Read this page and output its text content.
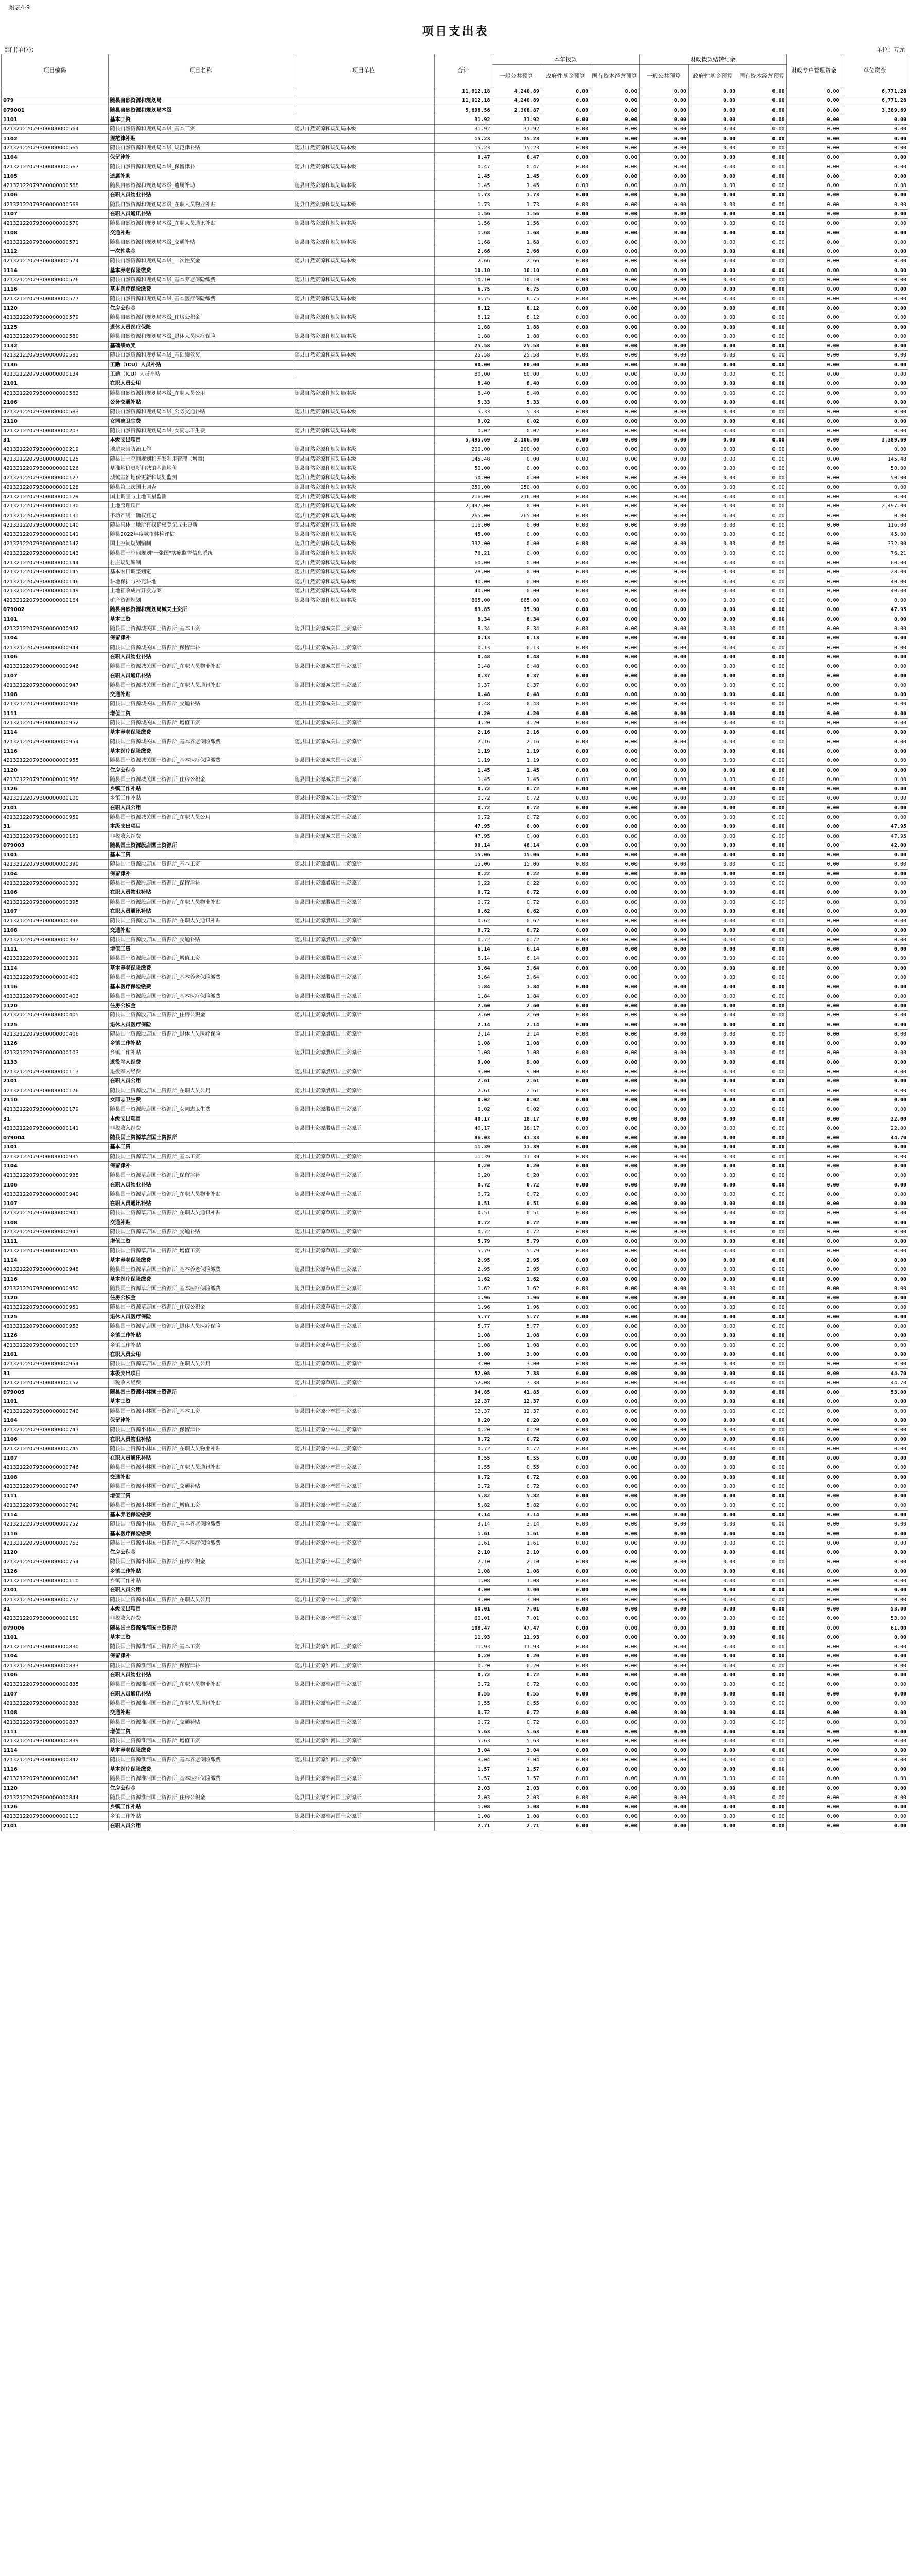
附表4-9
项目支出表
部门(单位)：	单位：万元
项目编码	项目名称	项目单位	合计	本年拨款			财政拨款结转结余			财政专户管理资金	单位资金
				一般公共预算	政府性基金预算	国有资本经营预算	一般公共预算	政府性基金预算	国有资本经营预算		
			11,012.18	4,240.89	0.00	0.00	0.00	0.00	0.00	0.00	6,771.28
079	随县自然资源和规划局		11,012.18	4,240.89	0.00	0.00	0.00	0.00	0.00	0.00	6,771.28
079001	随县自然资源和规划局本级		5,698.56	2,308.87	0.00	0.00	0.00	0.00	0.00	0.00	3,389.69
1101	基本工资		31.92	31.92	0.00	0.00	0.00	0.00	0.00	0.00	0.00
42132122079B00000000564	随县自然资源和规划局本级_基本工资	随县自然资源和规划局本级	31.92	31.92	0.00	0.00	0.00	0.00	0.00	0.00	0.00
1102	规范津补贴		15.23	15.23	0.00	0.00	0.00	0.00	0.00	0.00	0.00
42132122079B00000000565	随县自然资源和规划局本级_规范津补贴	随县自然资源和规划局本级	15.23	15.23	0.00	0.00	0.00	0.00	0.00	0.00	0.00
1104	保留津补		0.47	0.47	0.00	0.00	0.00	0.00	0.00	0.00	0.00
42132122079B00000000567	随县自然资源和规划局本级_保留津补	随县自然资源和规划局本级	0.47	0.47	0.00	0.00	0.00	0.00	0.00	0.00	0.00
1105	遗属补助		1.45	1.45	0.00	0.00	0.00	0.00	0.00	0.00	0.00
42132122079B00000000568	随县自然资源和规划局本级_遗属补助	随县自然资源和规划局本级	1.45	1.45	0.00	0.00	0.00	0.00	0.00	0.00	0.00
1106	在职人员物业补贴		1.73	1.73	0.00	0.00	0.00	0.00	0.00	0.00	0.00
42132122079B00000000569	随县自然资源和规划局本级_在职人员物业补贴	随县自然资源和规划局本级	1.73	1.73	0.00	0.00	0.00	0.00	0.00	0.00	0.00
1107	在职人员通讯补贴		1.56	1.56	0.00	0.00	0.00	0.00	0.00	0.00	0.00
42132122079B00000000570	随县自然资源和规划局本级_在职人员通讯补贴	随县自然资源和规划局本级	1.56	1.56	0.00	0.00	0.00	0.00	0.00	0.00	0.00
1108	交通补贴		1.68	1.68	0.00	0.00	0.00	0.00	0.00	0.00	0.00
42132122079B00000000571	随县自然资源和规划局本级_交通补贴	随县自然资源和规划局本级	1.68	1.68	0.00	0.00	0.00	0.00	0.00	0.00	0.00
1112	一次性奖金		2.66	2.66	0.00	0.00	0.00	0.00	0.00	0.00	0.00
42132122079B00000000574	随县自然资源和规划局本级_一次性奖金	随县自然资源和规划局本级	2.66	2.66	0.00	0.00	0.00	0.00	0.00	0.00	0.00
1114	基本养老保险缴费		10.10	10.10	0.00	0.00	0.00	0.00	0.00	0.00	0.00
42132122079B00000000576	随县自然资源和规划局本级_基本养老保险缴费	随县自然资源和规划局本级	10.10	10.10	0.00	0.00	0.00	0.00	0.00	0.00	0.00
1116	基本医疗保险缴费		6.75	6.75	0.00	0.00	0.00	0.00	0.00	0.00	0.00
42132122079B00000000577	随县自然资源和规划局本级_基本医疗保险缴费	随县自然资源和规划局本级	6.75	6.75	0.00	0.00	0.00	0.00	0.00	0.00	0.00
1120	住房公积金		8.12	8.12	0.00	0.00	0.00	0.00	0.00	0.00	0.00
42132122079B00000000579	随县自然资源和规划局本级_住房公积金	随县自然资源和规划局本级	8.12	8.12	0.00	0.00	0.00	0.00	0.00	0.00	0.00
1125	退休人员医疗保险		1.88	1.88	0.00	0.00	0.00	0.00	0.00	0.00	0.00
42132122079B00000000580	随县自然资源和规划局本级_退休人员医疗保险	随县自然资源和规划局本级	1.88	1.88	0.00	0.00	0.00	0.00	0.00	0.00	0.00
1132	基础绩效奖		25.58	25.58	0.00	0.00	0.00	0.00	0.00	0.00	0.00
42132122079B00000000581	随县自然资源和规划局本级_基础绩效奖	随县自然资源和规划局本级	25.58	25.58	0.00	0.00	0.00	0.00	0.00	0.00	0.00
1136	工勤（ICU）人员补贴		80.00	80.00	0.00	0.00	0.00	0.00	0.00	0.00	0.00
42132122079B00000000134	工勤（ICU）人员补贴		80.00	80.00	0.00	0.00	0.00	0.00	0.00	0.00	0.00
2101	在职人员公用		8.40	8.40	0.00	0.00	0.00	0.00	0.00	0.00	0.00
42132122079B00000000582	随县自然资源和规划局本级_在职人员公用	随县自然资源和规划局本级	8.40	8.40	0.00	0.00	0.00	0.00	0.00	0.00	0.00
2106	公务交通补贴		5.33	5.33	0.00	0.00	0.00	0.00	0.00	0.00	0.00
42132122079B00000000583	随县自然资源和规划局本级_公务交通补贴	随县自然资源和规划局本级	5.33	5.33	0.00	0.00	0.00	0.00	0.00	0.00	0.00
2110	女同志卫生费		0.02	0.02	0.00	0.00	0.00	0.00	0.00	0.00	0.00
42132122079B00000000203	随县自然资源和规划局本级_女同志卫生费	随县自然资源和规划局本级	0.02	0.02	0.00	0.00	0.00	0.00	0.00	0.00	0.00
31	本级支出项目		5,495.69	2,106.00	0.00	0.00	0.00	0.00	0.00	0.00	3,389.69
42132122079B00000000219	地质灾害防治工作	随县自然资源和规划局本级	200.00	200.00	0.00	0.00	0.00	0.00	0.00	0.00	0.00
42132122079B00000000125	随县国土空间规划和开发利用管理（增量)	随县自然资源和规划局本级	145.48	0.00	0.00	0.00	0.00	0.00	0.00	0.00	145.48
42132122079B00000000126	基准地价更新和城镇基准地价	随县自然资源和规划局本级	50.00	0.00	0.00	0.00	0.00	0.00	0.00	0.00	50.00
42132122079B00000000127	城镇基准地价更新和规划监测	随县自然资源和规划局本级	50.00	0.00	0.00	0.00	0.00	0.00	0.00	0.00	50.00
42132122079B00000000128	随县第三次国土调查	随县自然资源和规划局本级	250.00	250.00	0.00	0.00	0.00	0.00	0.00	0.00	0.00
42132122079B00000000129	国土调查与土地卫星监测	随县自然资源和规划局本级	216.00	216.00	0.00	0.00	0.00	0.00	0.00	0.00	0.00
42132122079B00000000130	土地整理项目	随县自然资源和规划局本级	2,497.00	0.00	0.00	0.00	0.00	0.00	0.00	0.00	2,497.00
42132122079B00000000131	不动产统一确权登记	随县自然资源和规划局本级	265.00	265.00	0.00	0.00	0.00	0.00	0.00	0.00	0.00
42132122079B00000000140	随县集体土地所有权确权登记成果更新	随县自然资源和规划局本级	116.00	0.00	0.00	0.00	0.00	0.00	0.00	0.00	116.00
42132122079B00000000141	随县2022年度城市体检评估	随县自然资源和规划局本级	45.00	0.00	0.00	0.00	0.00	0.00	0.00	0.00	45.00
42132122079B00000000142	国土空间规划编制	随县自然资源和规划局本级	332.00	0.00	0.00	0.00	0.00	0.00	0.00	0.00	332.00
42132122079B00000000143	随县国土空间规划"一张图"实施监督信息系统	随县自然资源和规划局本级	76.21	0.00	0.00	0.00	0.00	0.00	0.00	0.00	76.21
42132122079B00000000144	村庄规划编制	随县自然资源和规划局本级	60.00	0.00	0.00	0.00	0.00	0.00	0.00	0.00	60.00
42132122079B00000000145	基本农田调整划定	随县自然资源和规划局本级	28.00	0.00	0.00	0.00	0.00	0.00	0.00	0.00	28.00
42132122079B00000000146	耕地保护与补充耕地	随县自然资源和规划局本级	40.00	0.00	0.00	0.00	0.00	0.00	0.00	0.00	40.00
42132122079B00000000149	土地征收成片开发方案	随县自然资源和规划局本级	40.00	0.00	0.00	0.00	0.00	0.00	0.00	0.00	40.00
42132122079B00000000164	矿产资源规划	随县自然资源和规划局本级	865.00	865.00	0.00	0.00	0.00	0.00	0.00	0.00	0.00
079002	随县自然资源和规划局城关土资所		83.85	35.90	0.00	0.00	0.00	0.00	0.00	0.00	47.95
1101	基本工资		8.34	8.34	0.00	0.00	0.00	0.00	0.00	0.00	0.00
42132122079B00000000942	随县国土资源城关国土资源所_基本工资	随县国土资源城关国土资源所	8.34	8.34	0.00	0.00	0.00	0.00	0.00	0.00	0.00
1104	保留津补		0.13	0.13	0.00	0.00	0.00	0.00	0.00	0.00	0.00
42132122079B00000000944	随县国土资源城关国土资源所_保留津补	随县国土资源城关国土资源所	0.13	0.13	0.00	0.00	0.00	0.00	0.00	0.00	0.00
1106	在职人员物业补贴		0.48	0.48	0.00	0.00	0.00	0.00	0.00	0.00	0.00
42132122079B00000000946	随县国土资源城关国土资源所_在职人员物业补贴	随县国土资源城关国土资源所	0.48	0.48	0.00	0.00	0.00	0.00	0.00	0.00	0.00
1107	在职人员通讯补贴		0.37	0.37	0.00	0.00	0.00	0.00	0.00	0.00	0.00
42132122079B00000000947	随县国土资源城关国土资源所_在职人员通讯补贴	随县国土资源城关国土资源所	0.37	0.37	0.00	0.00	0.00	0.00	0.00	0.00	0.00
1108	交通补贴		0.48	0.48	0.00	0.00	0.00	0.00	0.00	0.00	0.00
42132122079B00000000948	随县国土资源城关国土资源所_交通补贴	随县国土资源城关国土资源所	0.48	0.48	0.00	0.00	0.00	0.00	0.00	0.00	0.00
1111	增值工资		4.20	4.20	0.00	0.00	0.00	0.00	0.00	0.00	0.00
42132122079B00000000952	随县国土资源城关国土资源所_增值工资	随县国土资源城关国土资源所	4.20	4.20	0.00	0.00	0.00	0.00	0.00	0.00	0.00
1114	基本养老保险缴费		2.16	2.16	0.00	0.00	0.00	0.00	0.00	0.00	0.00
42132122079B00000000954	随县国土资源城关国土资源所_基本养老保险缴费	随县国土资源城关国土资源所	2.16	2.16	0.00	0.00	0.00	0.00	0.00	0.00	0.00
1116	基本医疗保险缴费		1.19	1.19	0.00	0.00	0.00	0.00	0.00	0.00	0.00
42132122079B00000000955	随县国土资源城关国土资源所_基本医疗保险缴费	随县国土资源城关国土资源所	1.19	1.19	0.00	0.00	0.00	0.00	0.00	0.00	0.00
1120	住房公积金		1.45	1.45	0.00	0.00	0.00	0.00	0.00	0.00	0.00
42132122079B00000000956	随县国土资源城关国土资源所_住房公积金	随县国土资源城关国土资源所	1.45	1.45	0.00	0.00	0.00	0.00	0.00	0.00	0.00
1126	乡镇工作补贴		0.72	0.72	0.00	0.00	0.00	0.00	0.00	0.00	0.00
42132122079B00000000100	乡镇工作补贴	随县国土资源城关国土资源所	0.72	0.72	0.00	0.00	0.00	0.00	0.00	0.00	0.00
2101	在职人员公用		0.72	0.72	0.00	0.00	0.00	0.00	0.00	0.00	0.00
42132122079B00000000959	随县国土资源城关国土资源所_在职人员公用	随县国土资源城关国土资源所	0.72	0.72	0.00	0.00	0.00	0.00	0.00	0.00	0.00
31	本级支出项目		47.95	0.00	0.00	0.00	0.00	0.00	0.00	0.00	47.95
42132122079B00000000161	非税收入经费	随县国土资源城关国土资源所	47.95	0.00	0.00	0.00	0.00	0.00	0.00	0.00	47.95
079003	随县国土资源殷店国土资源所		90.14	48.14	0.00	0.00	0.00	0.00	0.00	0.00	42.00
1101	基本工资		15.06	15.06	0.00	0.00	0.00	0.00	0.00	0.00	0.00
42132122079B00000000390	随县国土资源殷店国土资源所_基本工资	随县国土资源殷店国土资源所	15.06	15.06	0.00	0.00	0.00	0.00	0.00	0.00	0.00
1104	保留津补		0.22	0.22	0.00	0.00	0.00	0.00	0.00	0.00	0.00
42132122079B00000000392	随县国土资源殷店国土资源所_保留津补	随县国土资源殷店国土资源所	0.22	0.22	0.00	0.00	0.00	0.00	0.00	0.00	0.00
1106	在职人员物业补贴		0.72	0.72	0.00	0.00	0.00	0.00	0.00	0.00	0.00
42132122079B00000000395	随县国土资源殷店国土资源所_在职人员物业补贴	随县国土资源殷店国土资源所	0.72	0.72	0.00	0.00	0.00	0.00	0.00	0.00	0.00
1107	在职人员通讯补贴		0.62	0.62	0.00	0.00	0.00	0.00	0.00	0.00	0.00
42132122079B00000000396	随县国土资源殷店国土资源所_在职人员通讯补贴	随县国土资源殷店国土资源所	0.62	0.62	0.00	0.00	0.00	0.00	0.00	0.00	0.00
1108	交通补贴		0.72	0.72	0.00	0.00	0.00	0.00	0.00	0.00	0.00
42132122079B00000000397	随县国土资源殷店国土资源所_交通补贴	随县国土资源殷店国土资源所	0.72	0.72	0.00	0.00	0.00	0.00	0.00	0.00	0.00
1111	增值工资		6.14	6.14	0.00	0.00	0.00	0.00	0.00	0.00	0.00
42132122079B00000000399	随县国土资源殷店国土资源所_增值工资	随县国土资源殷店国土资源所	6.14	6.14	0.00	0.00	0.00	0.00	0.00	0.00	0.00
1114	基本养老保险缴费		3.64	3.64	0.00	0.00	0.00	0.00	0.00	0.00	0.00
42132122079B00000000402	随县国土资源殷店国土资源所_基本养老保险缴费	随县国土资源殷店国土资源所	3.64	3.64	0.00	0.00	0.00	0.00	0.00	0.00	0.00
1116	基本医疗保险缴费		1.84	1.84	0.00	0.00	0.00	0.00	0.00	0.00	0.00
42132122079B00000000403	随县国土资源殷店国土资源所_基本医疗保险缴费	随县国土资源殷店国土资源所	1.84	1.84	0.00	0.00	0.00	0.00	0.00	0.00	0.00
1120	住房公积金		2.60	2.60	0.00	0.00	0.00	0.00	0.00	0.00	0.00
42132122079B00000000405	随县国土资源殷店国土资源所_住房公积金	随县国土资源殷店国土资源所	2.60	2.60	0.00	0.00	0.00	0.00	0.00	0.00	0.00
1125	退休人员医疗保险		2.14	2.14	0.00	0.00	0.00	0.00	0.00	0.00	0.00
42132122079B00000000406	随县国土资源殷店国土资源所_退休人员医疗保险	随县国土资源殷店国土资源所	2.14	2.14	0.00	0.00	0.00	0.00	0.00	0.00	0.00
1126	乡镇工作补贴		1.08	1.08	0.00	0.00	0.00	0.00	0.00	0.00	0.00
42132122079B00000000103	乡镇工作补贴	随县国土资源殷店国土资源所	1.08	1.08	0.00	0.00	0.00	0.00	0.00	0.00	0.00
1133	退役军人经费		9.00	9.00	0.00	0.00	0.00	0.00	0.00	0.00	0.00
42132122079B00000000113	退役军人经费	随县国土资源殷店国土资源所	9.00	9.00	0.00	0.00	0.00	0.00	0.00	0.00	0.00
2101	在职人员公用		2.61	2.61	0.00	0.00	0.00	0.00	0.00	0.00	0.00
42132122079B00000000176	随县国土资源殷店国土资源所_在职人员公用	随县国土资源殷店国土资源所	2.61	2.61	0.00	0.00	0.00	0.00	0.00	0.00	0.00
2110	女同志卫生费		0.02	0.02	0.00	0.00	0.00	0.00	0.00	0.00	0.00
42132122079B00000000179	随县国土资源殷店国土资源所_女同志卫生费	随县国土资源殷店国土资源所	0.02	0.02	0.00	0.00	0.00	0.00	0.00	0.00	0.00
31	本级支出项目		40.17	18.17	0.00	0.00	0.00	0.00	0.00	0.00	22.00
42132122079B00000000141	非税收入经费	随县国土资源殷店国土资源所	40.17	18.17	0.00	0.00	0.00	0.00	0.00	0.00	22.00
079004	随县国土资源草店国土资源所		86.03	41.33	0.00	0.00	0.00	0.00	0.00	0.00	44.70
1101	基本工资		11.39	11.39	0.00	0.00	0.00	0.00	0.00	0.00	0.00
42132122079B00000000935	随县国土资源草店国土资源所_基本工资	随县国土资源草店国土资源所	11.39	11.39	0.00	0.00	0.00	0.00	0.00	0.00	0.00
1104	保留津补		0.20	0.20	0.00	0.00	0.00	0.00	0.00	0.00	0.00
42132122079B00000000938	随县国土资源草店国土资源所_保留津补	随县国土资源草店国土资源所	0.20	0.20	0.00	0.00	0.00	0.00	0.00	0.00	0.00
1106	在职人员物业补贴		0.72	0.72	0.00	0.00	0.00	0.00	0.00	0.00	0.00
42132122079B00000000940	随县国土资源草店国土资源所_在职人员物业补贴	随县国土资源草店国土资源所	0.72	0.72	0.00	0.00	0.00	0.00	0.00	0.00	0.00
1107	在职人员通讯补贴		0.51	0.51	0.00	0.00	0.00	0.00	0.00	0.00	0.00
42132122079B00000000941	随县国土资源草店国土资源所_在职人员通讯补贴	随县国土资源草店国土资源所	0.51	0.51	0.00	0.00	0.00	0.00	0.00	0.00	0.00
1108	交通补贴		0.72	0.72	0.00	0.00	0.00	0.00	0.00	0.00	0.00
42132122079B00000000943	随县国土资源草店国土资源所_交通补贴	随县国土资源草店国土资源所	0.72	0.72	0.00	0.00	0.00	0.00	0.00	0.00	0.00
1111	增值工资		5.79	5.79	0.00	0.00	0.00	0.00	0.00	0.00	0.00
42132122079B00000000945	随县国土资源草店国土资源所_增值工资	随县国土资源草店国土资源所	5.79	5.79	0.00	0.00	0.00	0.00	0.00	0.00	0.00
1114	基本养老保险缴费		2.95	2.95	0.00	0.00	0.00	0.00	0.00	0.00	0.00
42132122079B00000000948	随县国土资源草店国土资源所_基本养老保险缴费	随县国土资源草店国土资源所	2.95	2.95	0.00	0.00	0.00	0.00	0.00	0.00	0.00
1116	基本医疗保险缴费		1.62	1.62	0.00	0.00	0.00	0.00	0.00	0.00	0.00
42132122079B00000000950	随县国土资源草店国土资源所_基本医疗保险缴费	随县国土资源草店国土资源所	1.62	1.62	0.00	0.00	0.00	0.00	0.00	0.00	0.00
1120	住房公积金		1.96	1.96	0.00	0.00	0.00	0.00	0.00	0.00	0.00
42132122079B00000000951	随县国土资源草店国土资源所_住房公积金	随县国土资源草店国土资源所	1.96	1.96	0.00	0.00	0.00	0.00	0.00	0.00	0.00
1125	退休人员医疗保险		5.77	5.77	0.00	0.00	0.00	0.00	0.00	0.00	0.00
42132122079B00000000953	随县国土资源草店国土资源所_退休人员医疗保险	随县国土资源草店国土资源所	5.77	5.77	0.00	0.00	0.00	0.00	0.00	0.00	0.00
1126	乡镇工作补贴		1.08	1.08	0.00	0.00	0.00	0.00	0.00	0.00	0.00
42132122079B00000000107	乡镇工作补贴	随县国土资源草店国土资源所	1.08	1.08	0.00	0.00	0.00	0.00	0.00	0.00	0.00
2101	在职人员公用		3.00	3.00	0.00	0.00	0.00	0.00	0.00	0.00	0.00
42132122079B00000000954	随县国土资源草店国土资源所_在职人员公用	随县国土资源草店国土资源所	3.00	3.00	0.00	0.00	0.00	0.00	0.00	0.00	0.00
31	本级支出项目		52.08	7.38	0.00	0.00	0.00	0.00	0.00	0.00	44.70
42132122079B00000000152	非税收入经费	随县国土资源草店国土资源所	52.08	7.38	0.00	0.00	0.00	0.00	0.00	0.00	44.70
079005	随县国土资源小林国土资源所		94.85	41.85	0.00	0.00	0.00	0.00	0.00	0.00	53.00
1101	基本工资		12.37	12.37	0.00	0.00	0.00	0.00	0.00	0.00	0.00
42132122079B00000000740	随县国土资源小林国土资源所_基本工资	随县国土资源小林国土资源所	12.37	12.37	0.00	0.00	0.00	0.00	0.00	0.00	0.00
1104	保留津补		0.20	0.20	0.00	0.00	0.00	0.00	0.00	0.00	0.00
42132122079B00000000743	随县国土资源小林国土资源所_保留津补	随县国土资源小林国土资源所	0.20	0.20	0.00	0.00	0.00	0.00	0.00	0.00	0.00
1106	在职人员物业补贴		0.72	0.72	0.00	0.00	0.00	0.00	0.00	0.00	0.00
42132122079B00000000745	随县国土资源小林国土资源所_在职人员物业补贴	随县国土资源小林国土资源所	0.72	0.72	0.00	0.00	0.00	0.00	0.00	0.00	0.00
1107	在职人员通讯补贴		0.55	0.55	0.00	0.00	0.00	0.00	0.00	0.00	0.00
42132122079B00000000746	随县国土资源小林国土资源所_在职人员通讯补贴	随县国土资源小林国土资源所	0.55	0.55	0.00	0.00	0.00	0.00	0.00	0.00	0.00
1108	交通补贴		0.72	0.72	0.00	0.00	0.00	0.00	0.00	0.00	0.00
42132122079B00000000747	随县国土资源小林国土资源所_交通补贴	随县国土资源小林国土资源所	0.72	0.72	0.00	0.00	0.00	0.00	0.00	0.00	0.00
1111	增值工资		5.82	5.82	0.00	0.00	0.00	0.00	0.00	0.00	0.00
42132122079B00000000749	随县国土资源小林国土资源所_增值工资	随县国土资源小林国土资源所	5.82	5.82	0.00	0.00	0.00	0.00	0.00	0.00	0.00
1114	基本养老保险缴费		3.14	3.14	0.00	0.00	0.00	0.00	0.00	0.00	0.00
42132122079B00000000752	随县国土资源小林国土资源所_基本养老保险缴费	随县国土资源小林国土资源所	3.14	3.14	0.00	0.00	0.00	0.00	0.00	0.00	0.00
1116	基本医疗保险缴费		1.61	1.61	0.00	0.00	0.00	0.00	0.00	0.00	0.00
42132122079B00000000753	随县国土资源小林国土资源所_基本医疗保险缴费	随县国土资源小林国土资源所	1.61	1.61	0.00	0.00	0.00	0.00	0.00	0.00	0.00
1120	住房公积金		2.10	2.10	0.00	0.00	0.00	0.00	0.00	0.00	0.00
42132122079B00000000754	随县国土资源小林国土资源所_住房公积金	随县国土资源小林国土资源所	2.10	2.10	0.00	0.00	0.00	0.00	0.00	0.00	0.00
1126	乡镇工作补贴		1.08	1.08	0.00	0.00	0.00	0.00	0.00	0.00	0.00
42132122079B00000000110	乡镇工作补贴	随县国土资源小林国土资源所	1.08	1.08	0.00	0.00	0.00	0.00	0.00	0.00	0.00
2101	在职人员公用		3.00	3.00	0.00	0.00	0.00	0.00	0.00	0.00	0.00
42132122079B00000000757	随县国土资源小林国土资源所_在职人员公用	随县国土资源小林国土资源所	3.00	3.00	0.00	0.00	0.00	0.00	0.00	0.00	0.00
31	本级支出项目		60.01	7.01	0.00	0.00	0.00	0.00	0.00	0.00	53.00
42132122079B00000000150	非税收入经费	随县国土资源小林国土资源所	60.01	7.01	0.00	0.00	0.00	0.00	0.00	0.00	53.00
079006	随县国土资源淮河国土资源所		108.47	47.47	0.00	0.00	0.00	0.00	0.00	0.00	61.00
1101	基本工资		11.93	11.93	0.00	0.00	0.00	0.00	0.00	0.00	0.00
42132122079B00000000830	随县国土资源淮河国土资源所_基本工资	随县国土资源淮河国土资源所	11.93	11.93	0.00	0.00	0.00	0.00	0.00	0.00	0.00
1104	保留津补		0.20	0.20	0.00	0.00	0.00	0.00	0.00	0.00	0.00
42132122079B00000000833	随县国土资源淮河国土资源所_保留津补	随县国土资源淮河国土资源所	0.20	0.20	0.00	0.00	0.00	0.00	0.00	0.00	0.00
1106	在职人员物业补贴		0.72	0.72	0.00	0.00	0.00	0.00	0.00	0.00	0.00
42132122079B00000000835	随县国土资源淮河国土资源所_在职人员物业补贴	随县国土资源淮河国土资源所	0.72	0.72	0.00	0.00	0.00	0.00	0.00	0.00	0.00
1107	在职人员通讯补贴		0.55	0.55	0.00	0.00	0.00	0.00	0.00	0.00	0.00
42132122079B00000000836	随县国土资源淮河国土资源所_在职人员通讯补贴	随县国土资源淮河国土资源所	0.55	0.55	0.00	0.00	0.00	0.00	0.00	0.00	0.00
1108	交通补贴		0.72	0.72	0.00	0.00	0.00	0.00	0.00	0.00	0.00
42132122079B00000000837	随县国土资源淮河国土资源所_交通补贴	随县国土资源淮河国土资源所	0.72	0.72	0.00	0.00	0.00	0.00	0.00	0.00	0.00
1111	增值工资		5.63	5.63	0.00	0.00	0.00	0.00	0.00	0.00	0.00
42132122079B00000000839	随县国土资源淮河国土资源所_增值工资	随县国土资源淮河国土资源所	5.63	5.63	0.00	0.00	0.00	0.00	0.00	0.00	0.00
1114	基本养老保险缴费		3.04	3.04	0.00	0.00	0.00	0.00	0.00	0.00	0.00
42132122079B00000000842	随县国土资源淮河国土资源所_基本养老保险缴费	随县国土资源淮河国土资源所	3.04	3.04	0.00	0.00	0.00	0.00	0.00	0.00	0.00
1116	基本医疗保险缴费		1.57	1.57	0.00	0.00	0.00	0.00	0.00	0.00	0.00
42132122079B00000000843	随县国土资源淮河国土资源所_基本医疗保险缴费	随县国土资源淮河国土资源所	1.57	1.57	0.00	0.00	0.00	0.00	0.00	0.00	0.00
1120	住房公积金		2.03	2.03	0.00	0.00	0.00	0.00	0.00	0.00	0.00
42132122079B00000000844	随县国土资源淮河国土资源所_住房公积金	随县国土资源淮河国土资源所	2.03	2.03	0.00	0.00	0.00	0.00	0.00	0.00	0.00
1126	乡镇工作补贴		1.08	1.08	0.00	0.00	0.00	0.00	0.00	0.00	0.00
42132122079B00000000112	乡镇工作补贴	随县国土资源淮河国土资源所	1.08	1.08	0.00	0.00	0.00	0.00	0.00	0.00	0.00
2101	在职人员公用		2.71	2.71	0.00	0.00	0.00	0.00	0.00	0.00	0.00
